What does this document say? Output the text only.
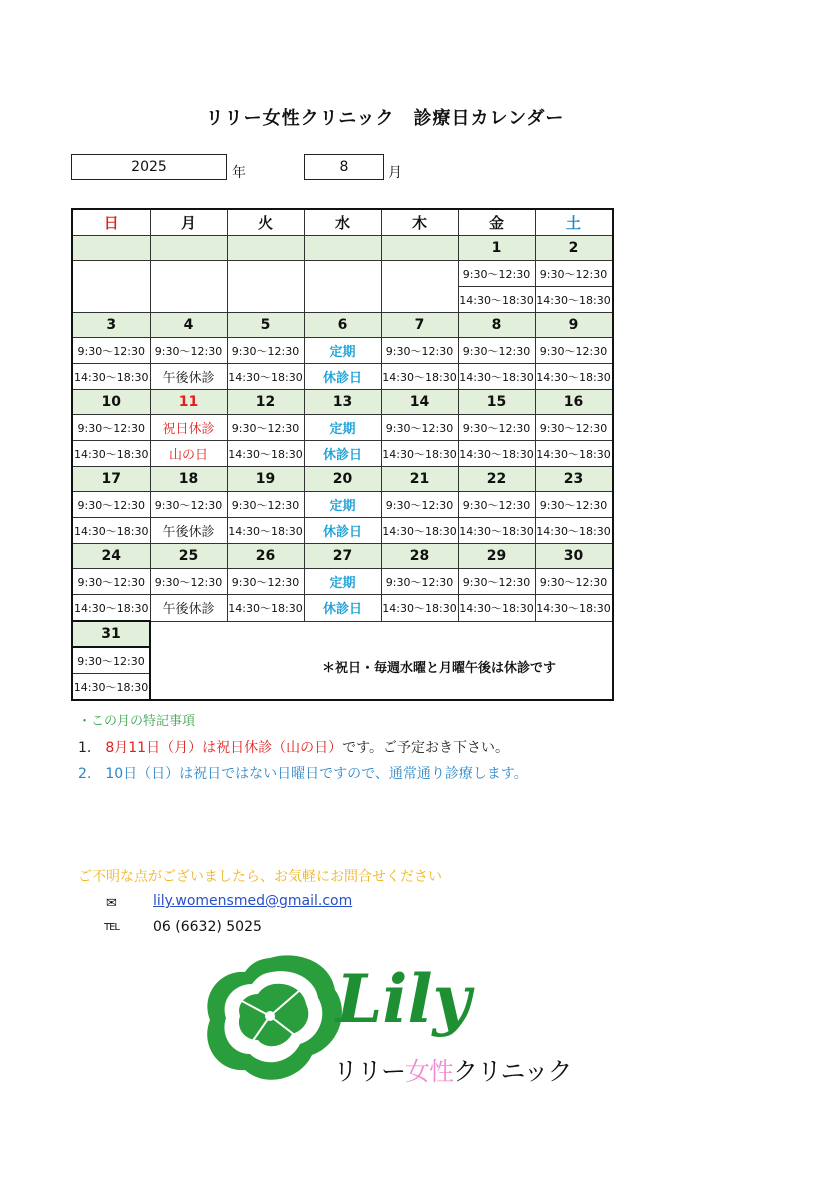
リリー女性クリニック　診療日カレンダー
2025	年	8	月
日	月	火	水	木	金	土
					1	2
					9:30〜12:30	9:30〜12:30
					14:30〜18:30	14:30〜18:30
3	4	5	6	7	8	9
9:30〜12:30	9:30〜12:30	9:30〜12:30	定期	9:30〜12:30	9:30〜12:30	9:30〜12:30
14:30〜18:30	午後休診	14:30〜18:30	休診日	14:30〜18:30	14:30〜18:30	14:30〜18:30
10	11	12	13	14	15	16
9:30〜12:30	祝日休診	9:30〜12:30	定期	9:30〜12:30	9:30〜12:30	9:30〜12:30
14:30〜18:30	山の日	14:30〜18:30	休診日	14:30〜18:30	14:30〜18:30	14:30〜18:30
17	18	19	20	21	22	23
9:30〜12:30	9:30〜12:30	9:30〜12:30	定期	9:30〜12:30	9:30〜12:30	9:30〜12:30
14:30〜18:30	午後休診	14:30〜18:30	休診日	14:30〜18:30	14:30〜18:30	14:30〜18:30
24	25	26	27	28	29	30
9:30〜12:30	9:30〜12:30	9:30〜12:30	定期	9:30〜12:30	9:30〜12:30	9:30〜12:30
14:30〜18:30	午後休診	14:30〜18:30	休診日	14:30〜18:30	14:30〜18:30	14:30〜18:30
31						
9:30〜12:30						
14:30〜18:30						
＊祝日・毎週水曜と月曜午後は休診です
・この月の特記事項
1.　8月11日（月）は祝日休診（山の日）です。ご予定おき下さい。
2.　10日（日）は祝日ではない日曜日ですので、通常通り診療します。
ご不明な点がございましたら、お気軽にお問合せください
✉	lily.womensmed@gmail.com
TEL 06 (6632) 5025
Lily
リリー女性クリニック
